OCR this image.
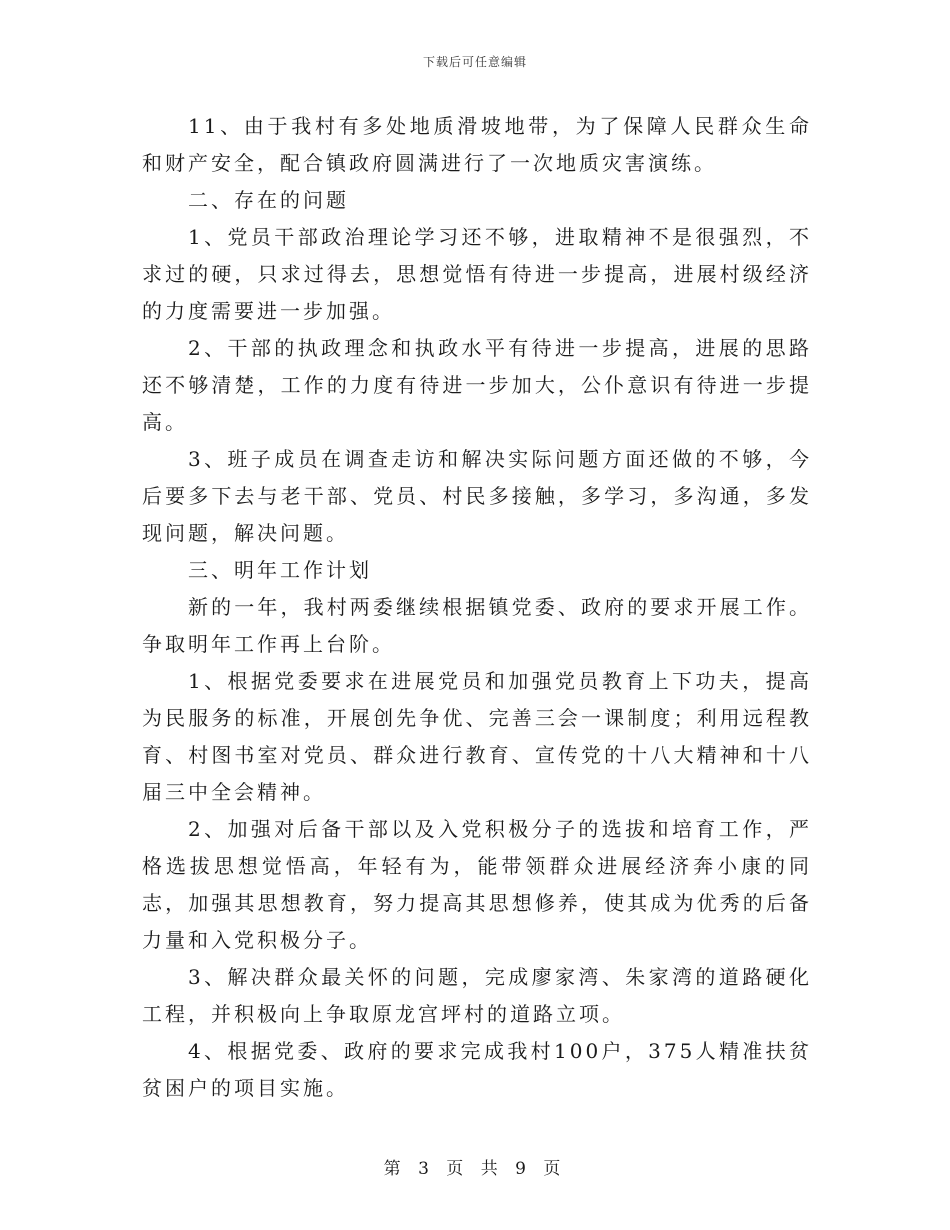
下载后可任意编辑

11、由于我村有多处地质滑坡地带，为了保障人民群众生命和财产安全，配合镇政府圆满进行了一次地质灾害演练。

二、存在的问题

1、党员干部政治理论学习还不够，进取精神不是很强烈，不求过的硬，只求过得去，思想觉悟有待进一步提高，进展村级经济的力度需要进一步加强。

2、干部的执政理念和执政水平有待进一步提高，进展的思路还不够清楚，工作的力度有待进一步加大，公仆意识有待进一步提高。

3、班子成员在调查走访和解决实际问题方面还做的不够，今后要多下去与老干部、党员、村民多接触，多学习，多沟通，多发现问题，解决问题。

三、明年工作计划

新的一年，我村两委继续根据镇党委、政府的要求开展工作。争取明年工作再上台阶。

1、根据党委要求在进展党员和加强党员教育上下功夫，提高为民服务的标准，开展创先争优、完善三会一课制度；利用远程教育、村图书室对党员、群众进行教育、宣传党的十八大精神和十八届三中全会精神。

2、加强对后备干部以及入党积极分子的选拔和培育工作，严格选拔思想觉悟高，年轻有为，能带领群众进展经济奔小康的同志，加强其思想教育，努力提高其思想修养，使其成为优秀的后备力量和入党积极分子。

3、解决群众最关怀的问题，完成廖家湾、朱家湾的道路硬化工程，并积极向上争取原龙宫坪村的道路立项。

4、根据党委、政府的要求完成我村100户，375人精准扶贫贫困户的项目实施。

第 3 页 共 9 页
